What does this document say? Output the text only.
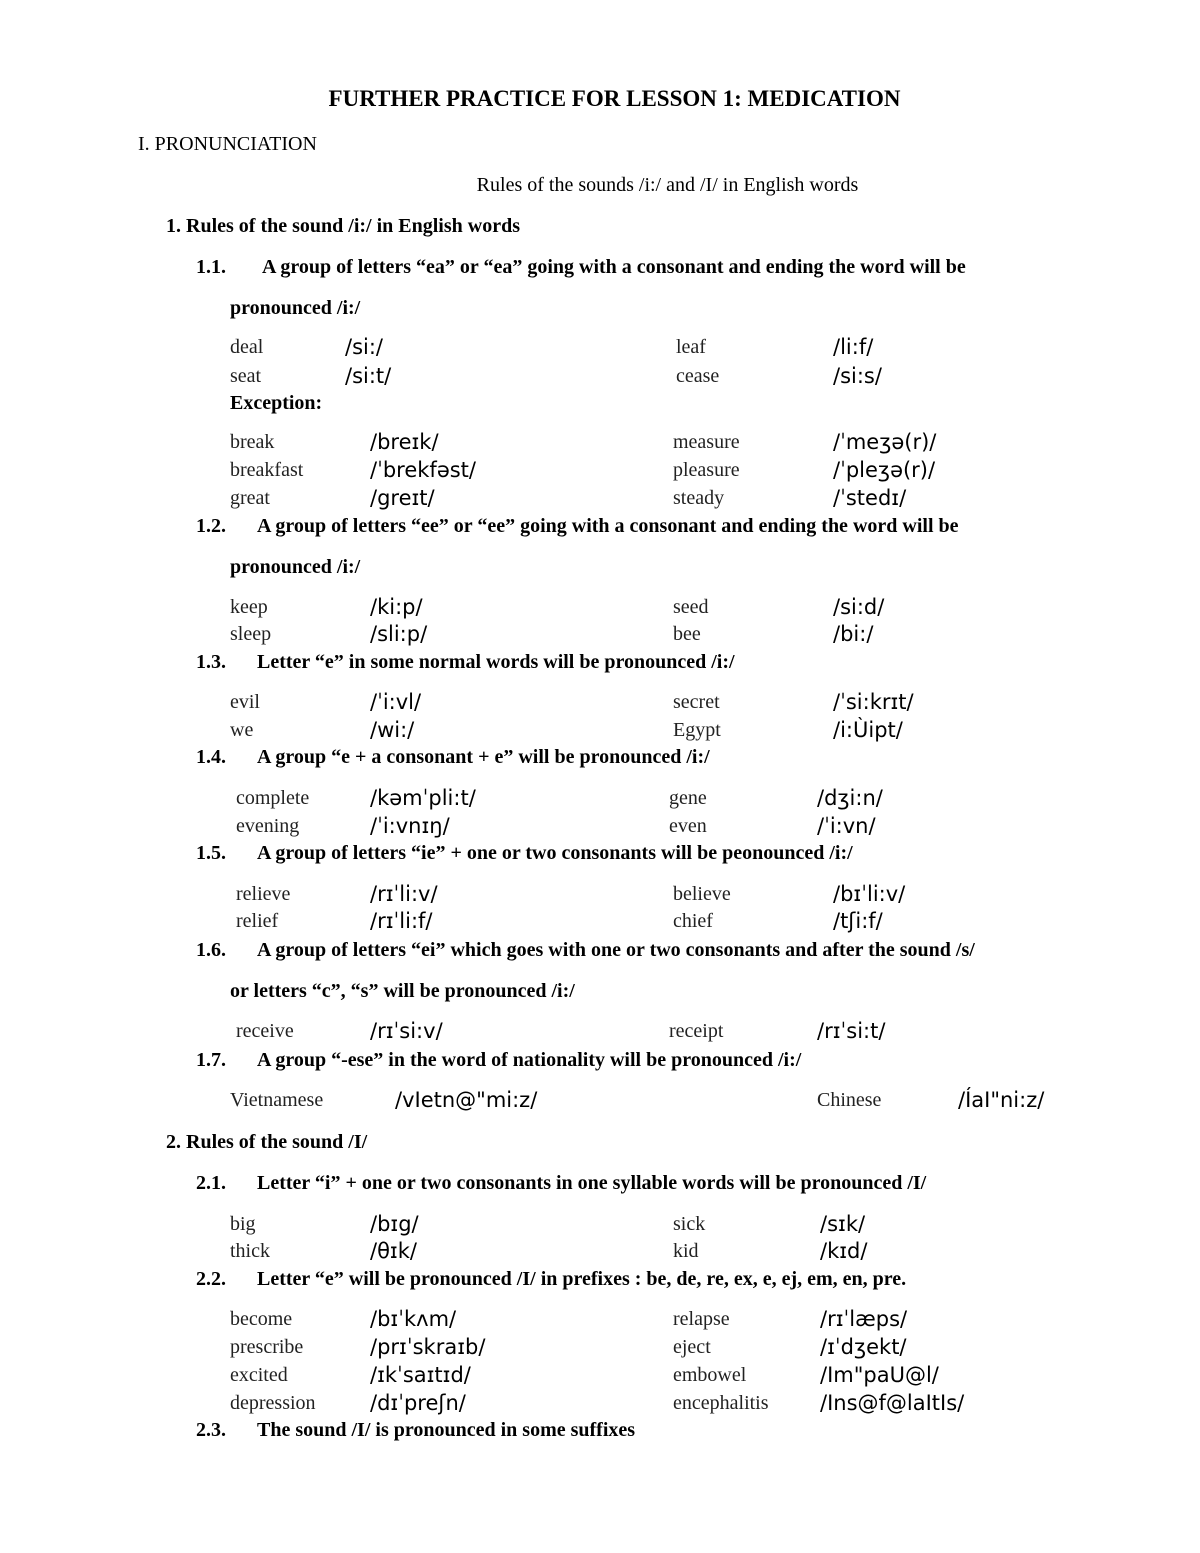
FURTHER PRACTICE FOR LESSON 1: MEDICATION
I. PRONUNCIATION
Rules of the sounds /i:/ and /I/ in English words
1. Rules of the sound /i:/ in English words
1.1. A group of letters “ea” or “ea” going with a consonant and ending the word will be
pronounced /i:/
deal	/si:/	leaf	/li:f/
seat	/si:t/	cease	/si:s/
Exception:
break	/breɪk/	measure	/ˈmeʒə(r)/
breakfast	/ˈbrekfəst/	pleasure	/ˈpleʒə(r)/
great	/greɪt/	steady	/ˈstedɪ/
1.2. A group of letters “ee” or “ee” going with a consonant and ending the word will be
pronounced /i:/
keep	/ki:p/	seed	/si:d/
sleep	/sli:p/	bee	/bi:/
1.3. Letter “e” in some normal words will be pronounced /i:/
evil	/ˈi:vl/	secret	/ˈsi:krɪt/
we	/wi:/	Egypt	/i:Ùipt/
1.4. A group “e + a consonant + e” will be pronounced /i:/
complete	/kəmˈpli:t/	gene	/dʒi:n/
evening	/ˈi:vnɪŋ/	even	/ˈi:vn/
1.5. A group of letters “ie” + one or two consonants will be peonounced /i:/
relieve	/rɪˈli:v/	believe	/bɪˈli:v/
relief	/rɪˈli:f/	chief	/tʃi:f/
1.6. A group of letters “ei” which goes with one or two consonants and after the sound /s/
or letters “c”, “s” will be pronounced /i:/
receive	/rɪˈsi:v/	receipt	/rɪˈsi:t/
1.7. A group “-ese” in the word of nationality will be pronounced /i:/
Vietnamese	/vIetn@"mi:z/	Chinese	/ÍaI"ni:z/
2. Rules of the sound /I/
2.1. Letter “i” + one or two consonants in one syllable words will be pronounced /I/
big	/bɪg/	sick	/sɪk/
thick	/θɪk/	kid	/kɪd/
2.2. Letter “e” will be pronounced /I/ in prefixes : be, de, re, ex, e, ej, em, en, pre.
become	/bɪˈkʌm/	relapse	/rɪˈlæps/
prescribe	/prɪˈskraɪb/	eject	/ɪˈdʒekt/
excited	/ɪkˈsaɪtɪd/	embowel	/Im"paU@l/
depression	/dɪˈpreʃn/	encephalitis /Ins@f@laItIs/
2.3. The sound /I/ is pronounced in some suffixes
